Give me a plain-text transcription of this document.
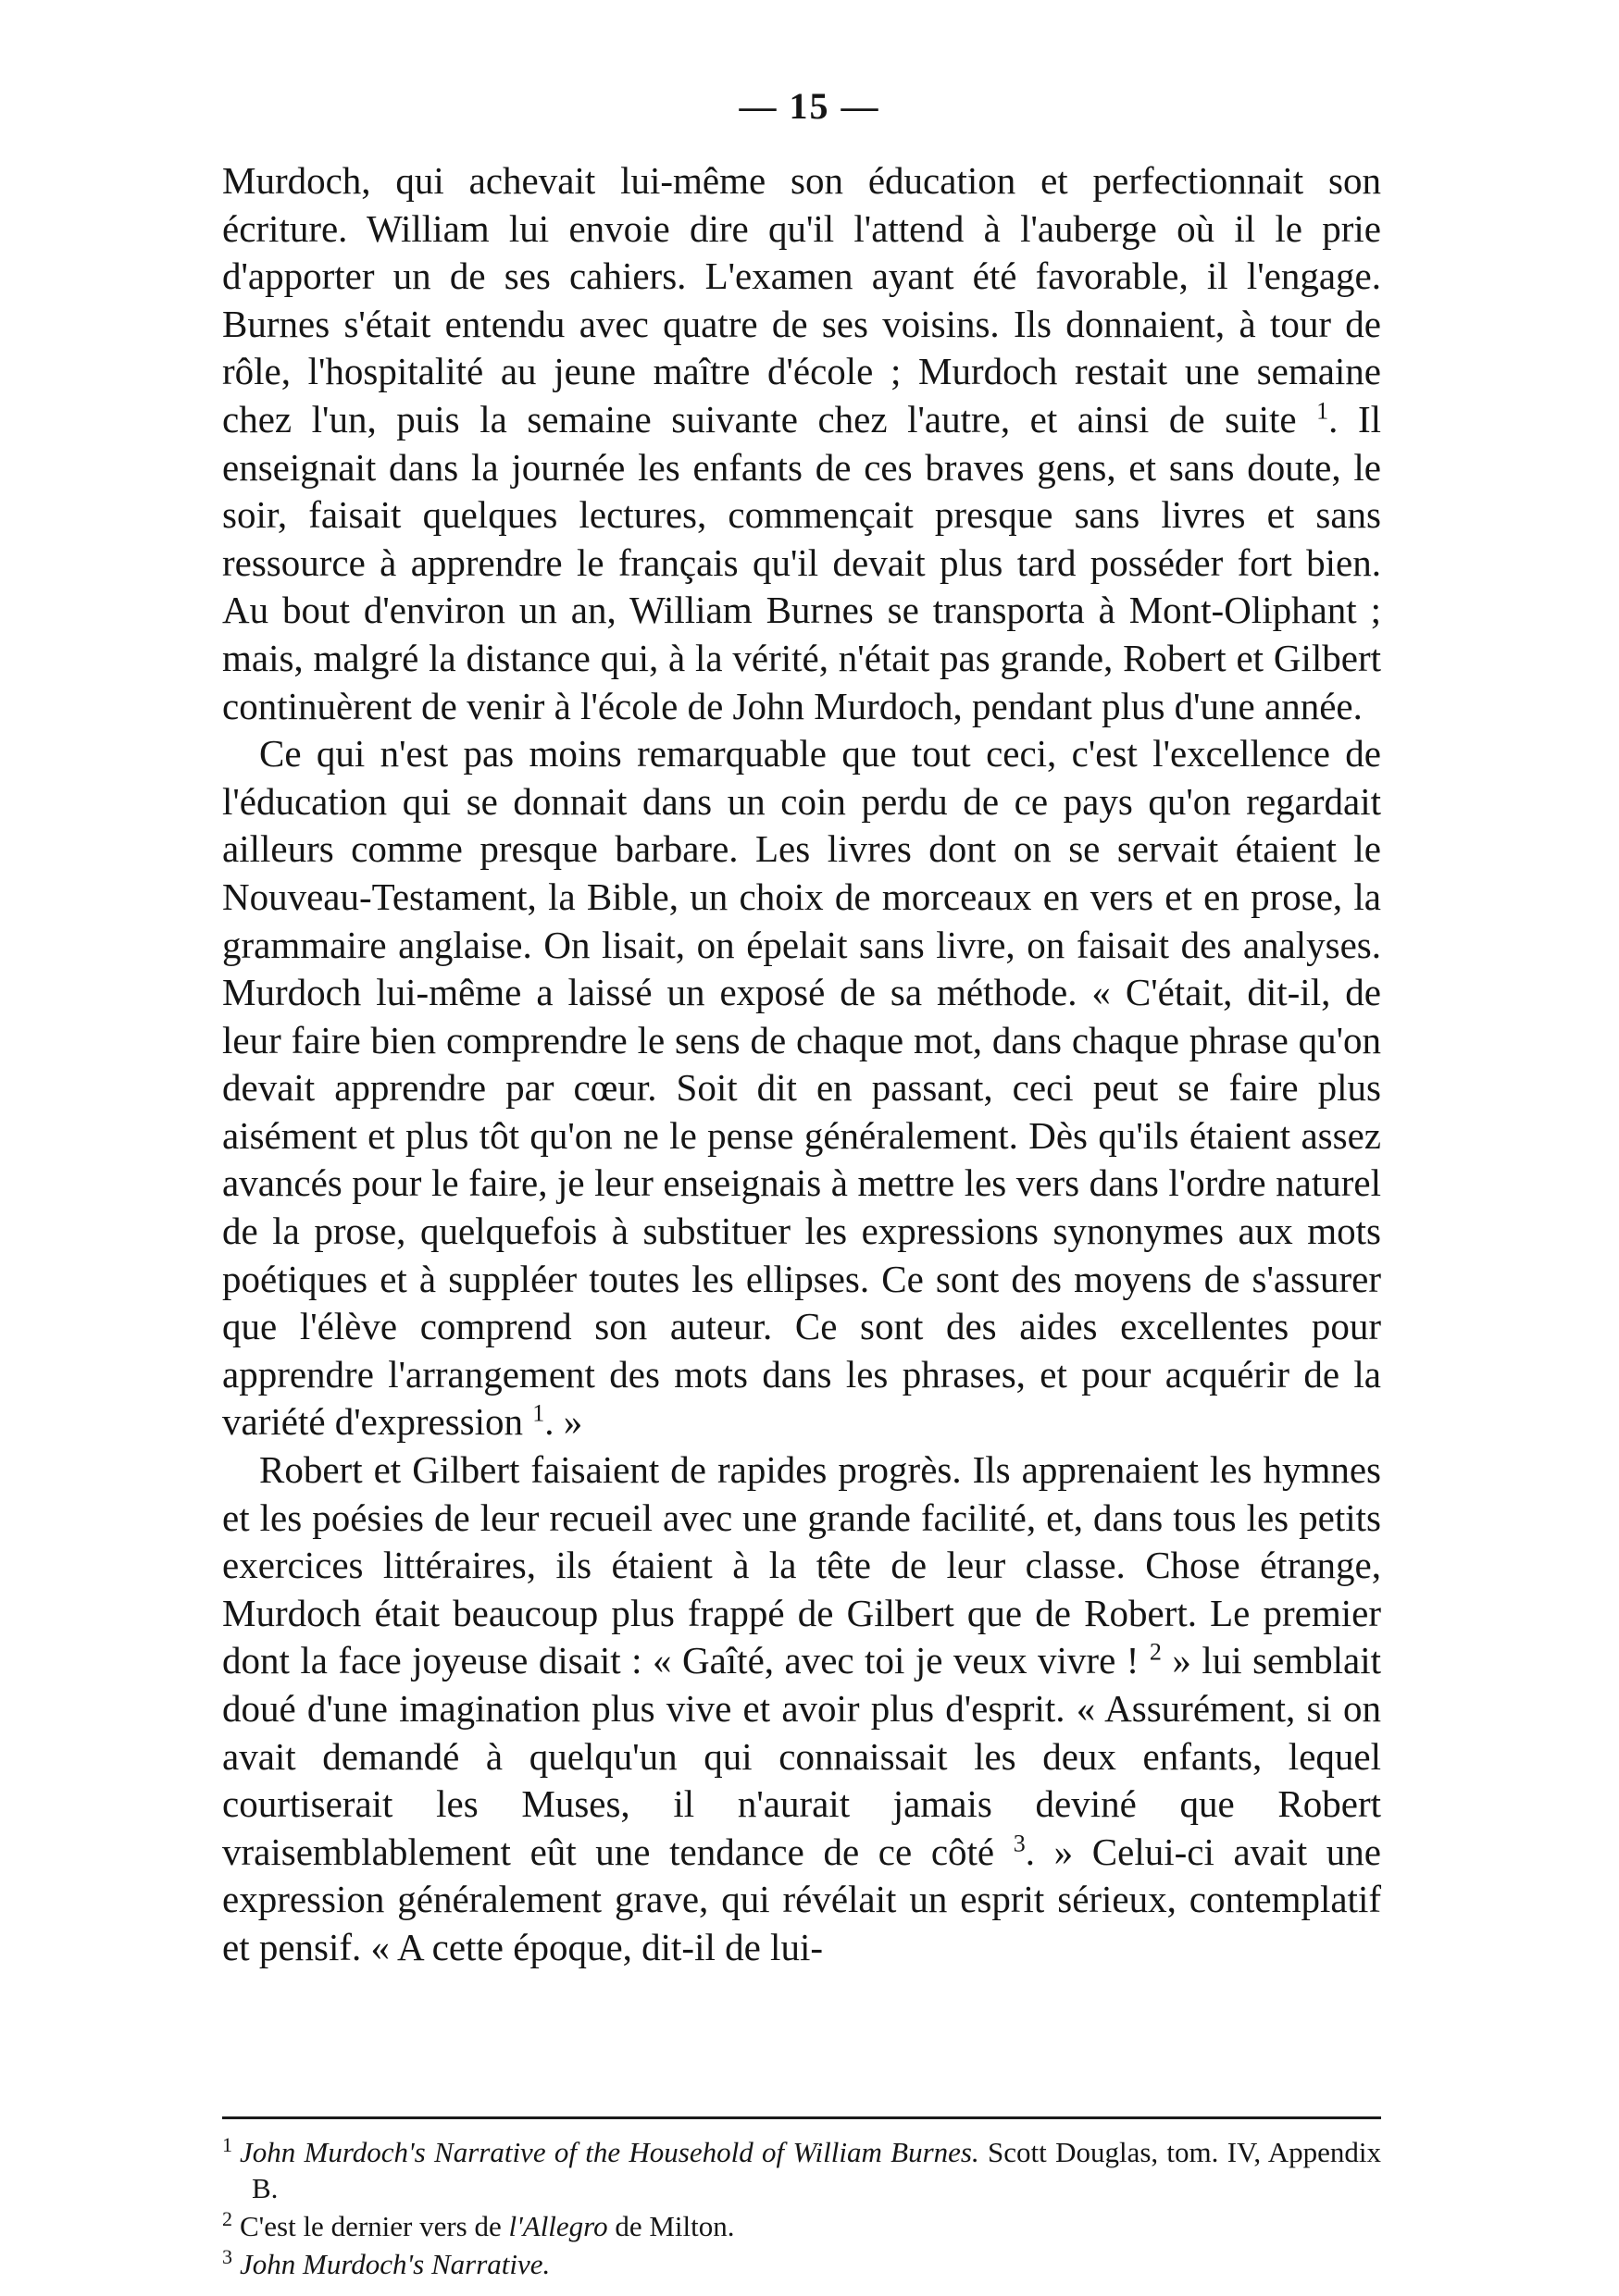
— 15 —

Murdoch, qui achevait lui-même son éducation et perfectionnait son écriture. William lui envoie dire qu'il l'attend à l'auberge où il le prie d'apporter un de ses cahiers. L'examen ayant été favorable, il l'engage. Burnes s'était entendu avec quatre de ses voisins. Ils donnaient, à tour de rôle, l'hospitalité au jeune maître d'école ; Murdoch restait une semaine chez l'un, puis la semaine suivante chez l'autre, et ainsi de suite $^1$. Il enseignait dans la journée les enfants de ces braves gens, et sans doute, le soir, faisait quelques lectures, commençait presque sans livres et sans ressource à apprendre le français qu'il devait plus tard posséder fort bien. Au bout d'environ un an, William Burnes se transporta à Mont-Oliphant ; mais, malgré la distance qui, à la vérité, n'était pas grande, Robert et Gilbert continuèrent de venir à l'école de John Murdoch, pendant plus d'une année.

Ce qui n'est pas moins remarquable que tout ceci, c'est l'excellence de l'éducation qui se donnait dans un coin perdu de ce pays qu'on regardait ailleurs comme presque barbare. Les livres dont on se servait étaient le Nouveau-Testament, la Bible, un choix de morceaux en vers et en prose, la grammaire anglaise. On lisait, on épelait sans livre, on faisait des analyses. Murdoch lui-même a laissé un exposé de sa méthode. « C'était, dit-il, de leur faire bien comprendre le sens de chaque mot, dans chaque phrase qu'on devait apprendre par cœur. Soit dit en passant, ceci peut se faire plus aisément et plus tôt qu'on ne le pense généralement. Dès qu'ils étaient assez avancés pour le faire, je leur enseignais à mettre les vers dans l'ordre naturel de la prose, quelquefois à substituer les expressions synonymes aux mots poétiques et à suppléer toutes les ellipses. Ce sont des moyens de s'assurer que l'élève comprend son auteur. Ce sont des aides excellentes pour apprendre l'arrangement des mots dans les phrases, et pour acquérir de la variété d'expression $^1$. »

Robert et Gilbert faisaient de rapides progrès. Ils apprenaient les hymnes et les poésies de leur recueil avec une grande facilité, et, dans tous les petits exercices littéraires, ils étaient à la tête de leur classe. Chose étrange, Murdoch était beaucoup plus frappé de Gilbert que de Robert. Le premier dont la face joyeuse disait : « Gaîté, avec toi je veux vivre ! $^2$ » lui semblait doué d'une imagination plus vive et avoir plus d'esprit. « Assurément, si on avait demandé à quelqu'un qui connaissait les deux enfants, lequel courtiserait les Muses, il n'aurait jamais deviné que Robert vraisemblablement eût une tendance de ce côté $^3$. » Celui-ci avait une expression généralement grave, qui révélait un esprit sérieux, contemplatif et pensif. « A cette époque, dit-il de lui-

$^1$ John Murdoch's Narrative of the Household of William Burnes. Scott Douglas, tom. IV, Appendix B.

$^2$ C'est le dernier vers de l'Allegro de Milton.

$^3$ John Murdoch's Narrative.
